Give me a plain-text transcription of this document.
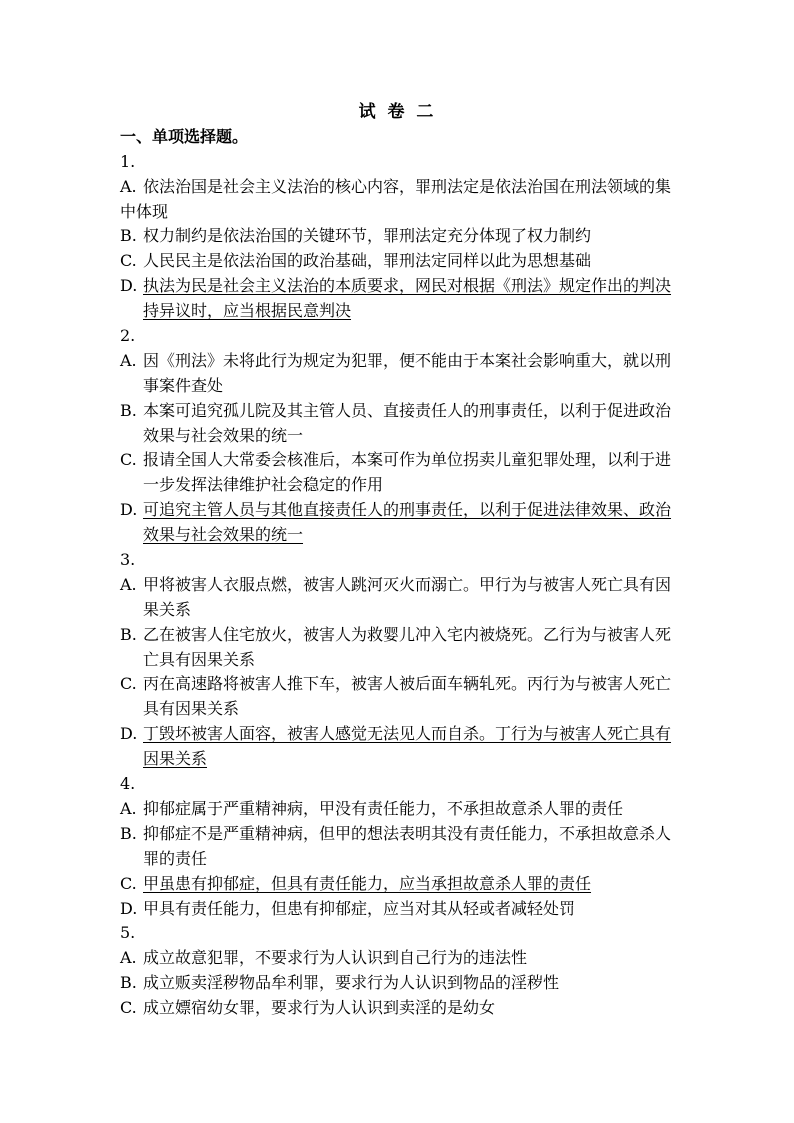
试 卷 二
一、单项选择题。
1.
A. 依法治国是社会主义法治的核心内容，罪刑法定是依法治国在刑法领域的集
中体现
B. 权力制约是依法治国的关键环节，罪刑法定充分体现了权力制约
C. 人民民主是依法治国的政治基础，罪刑法定同样以此为思想基础
D. 执法为民是社会主义法治的本质要求，网民对根据《刑法》规定作出的判决
持异议时，应当根据民意判决
2.
A. 因《刑法》未将此行为规定为犯罪，便不能由于本案社会影响重大，就以刑
事案件查处
B. 本案可追究孤儿院及其主管人员、直接责任人的刑事责任，以利于促进政治
效果与社会效果的统一
C. 报请全国人大常委会核准后，本案可作为单位拐卖儿童犯罪处理，以利于进
一步发挥法律维护社会稳定的作用
D. 可追究主管人员与其他直接责任人的刑事责任，以利于促进法律效果、政治
效果与社会效果的统一
3.
A. 甲将被害人衣服点燃，被害人跳河灭火而溺亡。甲行为与被害人死亡具有因
果关系
B. 乙在被害人住宅放火，被害人为救婴儿冲入宅内被烧死。乙行为与被害人死
亡具有因果关系
C. 丙在高速路将被害人推下车，被害人被后面车辆轧死。丙行为与被害人死亡
具有因果关系
D. 丁毁坏被害人面容，被害人感觉无法见人而自杀。丁行为与被害人死亡具有
因果关系
4.
A. 抑郁症属于严重精神病，甲没有责任能力，不承担故意杀人罪的责任
B. 抑郁症不是严重精神病，但甲的想法表明其没有责任能力，不承担故意杀人
罪的责任
C. 甲虽患有抑郁症，但具有责任能力，应当承担故意杀人罪的责任
D. 甲具有责任能力，但患有抑郁症，应当对其从轻或者减轻处罚
5.
A. 成立故意犯罪，不要求行为人认识到自己行为的违法性
B. 成立贩卖淫秽物品牟利罪，要求行为人认识到物品的淫秽性
C. 成立嫖宿幼女罪，要求行为人认识到卖淫的是幼女
